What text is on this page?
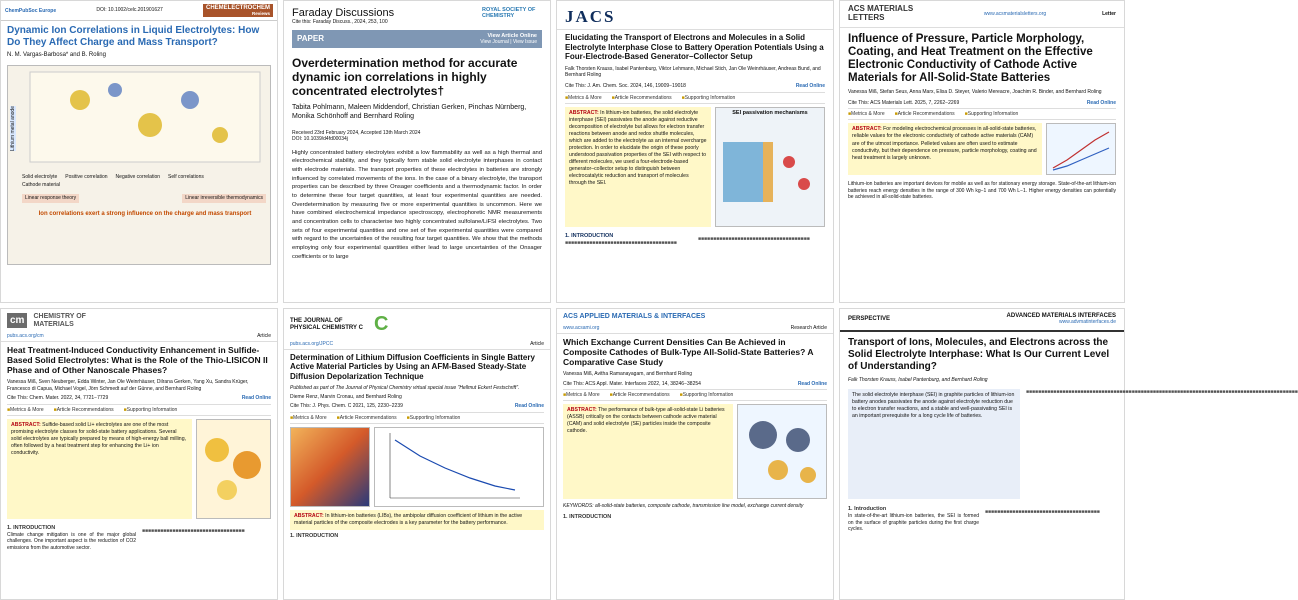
ChemPubSoc Europe	DOI: 10.1002/celc.201901627	CHEMELECTROCHEM
Reviews
Dynamic Ion Correlations in Liquid Electrolytes: How Do They Affect Charge and Mass Transport?
N. M. Vargas-Barbosa* and B. Roling
Lithium metal anode
Solid electrolyte Positive correlation Negative correlation Self correlations
Cathode material
Linear response theory	Linear irreversible thermodynamics
Ion correlations exert a strong influence on the charge and mass transport
Faraday Discussions
Cite this: Faraday Discuss., 2024, 253, 100
ROYAL SOCIETY OF CHEMISTRY
PAPER	View Article Online
View Journal | View Issue
Overdetermination method for accurate dynamic ion correlations in highly concentrated electrolytes†
Tabita Pohlmann, Maleen Middendorf, Christian Gerken, Pinchas Nürnberg, Monika Schönhoff and Bernhard Roling
Received 23rd February 2024, Accepted 13th March 2024
DOI: 10.1039/d4fd00034j
Highly concentrated battery electrolytes exhibit a low flammability as well as a high thermal and electrochemical stability, and they typically form stable solid electrolyte interphases in contact with electrode materials. The transport properties of these electrolytes in batteries are strongly influenced by correlated movements of the ions. In the case of a binary electrolyte, the transport properties can be described by three Onsager coefficients and a thermodynamic factor. In order to determine these four target quantities, at least four experimental quantities are needed. Overdetermination by measuring five or more experimental quantities is uncommon. Here we have combined electrochemical impedance spectroscopy, electrophoretic NMR measurements and concentration cells to characterise two highly concentrated sulfolane/LiFSI electrolytes. Two sets of four experimental quantities and one set of five experimental quantities were compared with regard to the uncertainties of the resulting four target quantities. We show that the methods employing only four experimental quantities either lead to large uncertainties of the Onsager coefficients or to large
JACS
Elucidating the Transport of Electrons and Molecules in a Solid Electrolyte Interphase Close to Battery Operation Potentials Using a Four-Electrode-Based Generator–Collector Setup
Falk Thorsten Krauss, Isabel Pantenburg, Viktor Lehmann, Michael Stich, Jan Ole Weinrhäuser, Andreas Bund, and Bernhard Roling
Cite This: J. Am. Chem. Soc. 2024, 146, 19009−19018	Read Online
■ Metrics & More	■ Article Recommendations	■ Supporting Information
ABSTRACT: In lithium-ion batteries, the solid electrolyte interphase (SEI) passivates the anode against reductive decomposition of electrolyte but allows for electron transfer reactions between anode and redox shuttle molecules, which are added to the electrolyte as an internal overcharge protection. In order to elucidate the origin of these poorly understood passivation properties of the SEI with respect to different molecules, we used a four-electrode-based generator–collector setup to distinguish between electrocatalytic reduction and transport of molecules through the SEI.
SEI passivation mechanisms
1. INTRODUCTION
■■■■■■■■■■■■■■■■■■■■■■■■■■■■■■■■■■■■■
■■■■■■■■■■■■■■■■■■■■■■■■■■■■■■■■■■■■■
ACS MATERIALS LETTERS	www.acsmaterialsletters.org	Letter
Influence of Pressure, Particle Morphology, Coating, and Heat Treatment on the Effective Electronic Conductivity of Cathode Active Materials for All-Solid-State Batteries
Vanessa Miß, Stefan Seus, Anna Marx, Elisa D. Steyer, Valerio Mereacre, Joachim R. Binder, and Bernhard Roling
Cite This: ACS Materials Lett. 2025, 7, 2262−2269	Read Online
■ Metrics & More	■ Article Recommendations	■ Supporting Information
ABSTRACT: For modeling electrochemical processes in all-solid-state batteries, reliable values for the electronic conductivity of cathode active materials (CAM) are of the utmost importance. Pelleted values are often used to estimate conductivity, but their dependence on pressure, particle morphology, coating and heat treatment is largely unknown.
Lithium-ion batteries are important devices for mobile as well as for stationary energy storage. State-of-the-art lithium-ion batteries reach energy densities in the range of 300 Wh kg−1 and 700 Wh L−1. Higher energy densities can potentially be achieved in all-solid-state batteries.
cm	CHEMISTRY OF MATERIALS
pubs.acs.org/cm	Article
Heat Treatment-Induced Conductivity Enhancement in Sulfide-Based Solid Electrolytes: What is the Role of the Thio-LISICON II Phase and of Other Nanoscale Phases?
Vanessa Miß, Sven Neuberger, Edda Winter, Jan Ole Weinrhäuser, Dilrana Gerken, Yang Xu, Sandra Krüger, Francesco di Capua, Michael Vogel, Jörn Schmedt auf der Günne, and Bernhard Roling
Cite This: Chem. Mater. 2022, 34, 7721−7729	Read Online
■ Metrics & More	■ Article Recommendations	■ Supporting Information
ABSTRACT: Sulfide-based solid Li+ electrolytes are one of the most promising electrolyte classes for solid-state battery applications. Several solid electrolytes are typically prepared by means of high-energy ball milling, often followed by a heat treatment step for enhancing the Li+ ion conductivity.
1. INTRODUCTION
Climate change mitigation is one of the major global challenges. One important aspect is the reduction of CO2 emissions from the automotive sector.
■■■■■■■■■■■■■■■■■■■■■■■■■■■■■■■■■■
THE JOURNAL OF PHYSICAL CHEMISTRY C C
pubs.acs.org/JPCC	Article
Determination of Lithium Diffusion Coefficients in Single Battery Active Material Particles by Using an AFM-Based Steady-State Diffusion Depolarization Technique
Published as part of The Journal of Physical Chemistry virtual special issue "Hellmut Eckert Festschrift".
Dieme Renz, Marvin Cronau, and Bernhard Roling
Cite This: J. Phys. Chem. C 2021, 125, 2230−2239	Read Online
■ Metrics & More	■ Article Recommendations	■ Supporting Information
ABSTRACT: In lithium-ion batteries (LIBs), the ambipolar diffusion coefficient of lithium in the active material particles of the composite electrodes is a key parameter for the battery performance.
1. INTRODUCTION
ACS APPLIED MATERIALS & INTERFACES
www.acsami.org	Research Article
Which Exchange Current Densities Can Be Achieved in Composite Cathodes of Bulk-Type All-Solid-State Batteries? A Comparative Case Study
Vanessa Miß, Avitha Ramanayagam, and Bernhard Roling
Cite This: ACS Appl. Mater. Interfaces 2022, 14, 38246−38254	Read Online
■ Metrics & More	■ Article Recommendations	■ Supporting Information
ABSTRACT: The performance of bulk-type all-solid-state Li batteries (ASSB) critically on the contacts between cathode active material (CAM) and solid electrolyte (SE) particles inside the composite cathode.
KEYWORDS: all-solid-state batteries, composite cathode, transmission line model, exchange current density
1. INTRODUCTION
PERSPECTIVE
ADVANCED MATERIALS INTERFACES
www.advmatinterfaces.de
Transport of Ions, Molecules, and Electrons across the Solid Electrolyte Interphase: What Is Our Current Level of Understanding?
Falk Thorsten Krauss, Isabel Pantenburg, and Bernhard Roling
The solid electrolyte interphase (SEI) in graphite particles of lithium-ion battery anodes passivates the anode against electrolyte reduction due to electron transfer reactions, and a stable and well-passivating SEI is an important prerequisite for a long cycle life of batteries.
■■■■■■■■■■■■■■■■■■■■■■■■■■■■■■■■■■■■■■■■■■■■■■■■■■■■■■■■■■■■■■■■■■■■■■■■■■■■■■■■■■■■■■■■■■
1. Introduction
In state-of-the-art lithium-ion batteries, the SEI is formed on the surface of graphite particles during the first charge cycles.
■■■■■■■■■■■■■■■■■■■■■■■■■■■■■■■■■■■■■■
